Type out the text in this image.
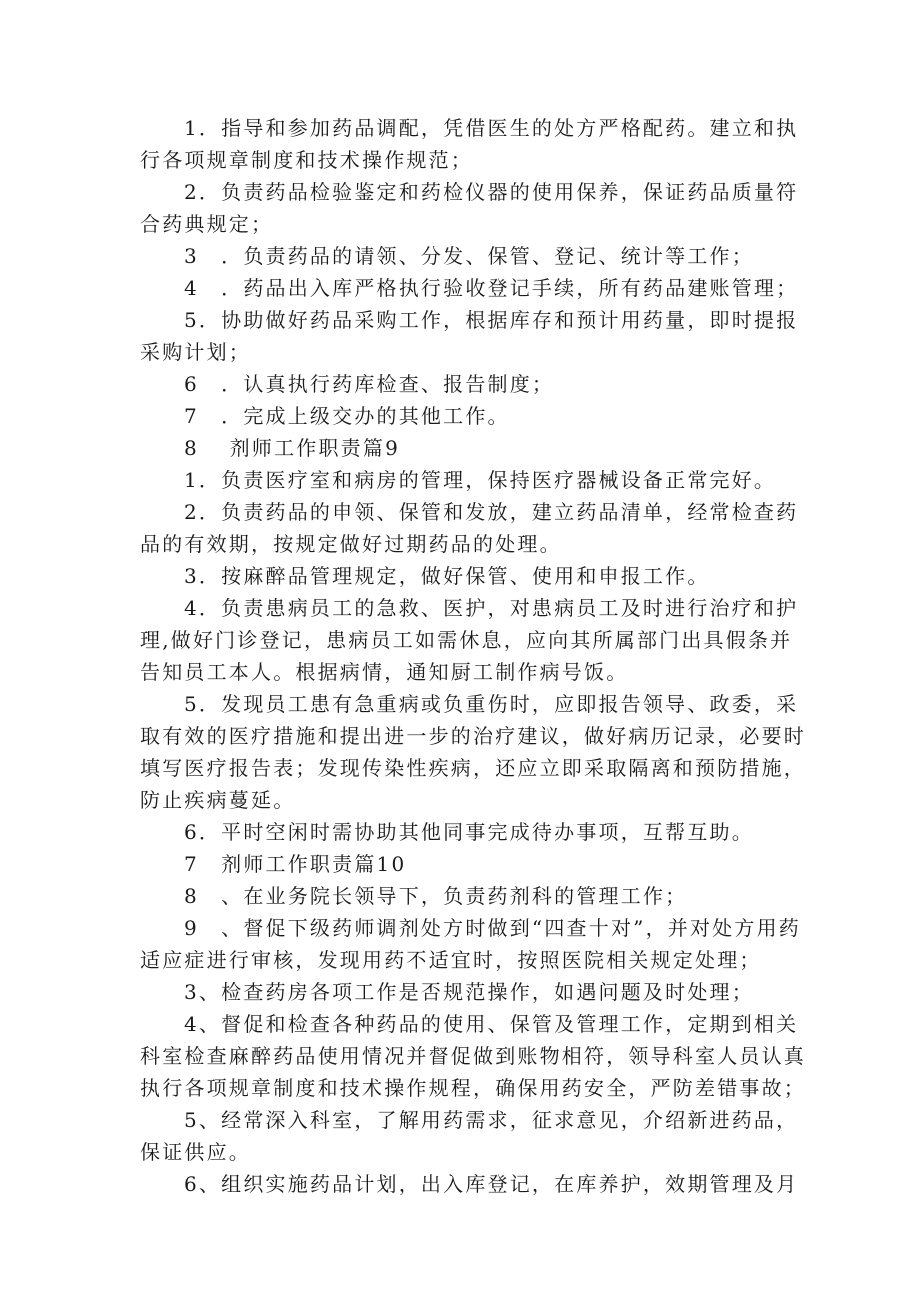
1．指导和参加药品调配，凭借医生的处方严格配药。建立和执
行各项规章制度和技术操作规范；
2．负责药品检验鉴定和药检仪器的使用保养，保证药品质量符
合药典规定；
3　．负责药品的请领、分发、保管、登记、统计等工作；
4　．药品出入库严格执行验收登记手续，所有药品建账管理；
5．协助做好药品采购工作，根据库存和预计用药量，即时提报
采购计划；
6　．认真执行药库检查、报告制度；
7　．完成上级交办的其他工作。
8　 剂师工作职责篇9
1．负责医疗室和病房的管理，保持医疗器械设备正常完好。
2．负责药品的申领、保管和发放，建立药品清单，经常检查药
品的有效期，按规定做好过期药品的处理。
3．按麻醉品管理规定，做好保管、使用和申报工作。
4．负责患病员工的急救、医护，对患病员工及时进行治疗和护
理,做好门诊登记，患病员工如需休息，应向其所属部门出具假条并
告知员工本人。根据病情，通知厨工制作病号饭。
5．发现员工患有急重病或负重伤时，应即报告领导、政委，采
取有效的医疗措施和提出进一步的治疗建议，做好病历记录，必要时
填写医疗报告表；发现传染性疾病，还应立即采取隔离和预防措施，
防止疾病蔓延。
6．平时空闲时需协助其他同事完成待办事项，互帮互助。
7　剂师工作职责篇10
8　、在业务院长领导下，负责药剂科的管理工作；
9　、督促下级药师调剂处方时做到“四查十对”，并对处方用药
适应症进行审核，发现用药不适宜时，按照医院相关规定处理；
3、检查药房各项工作是否规范操作，如遇问题及时处理；
4、督促和检查各种药品的使用、保管及管理工作，定期到相关
科室检查麻醉药品使用情况并督促做到账物相符，领导科室人员认真
执行各项规章制度和技术操作规程，确保用药安全，严防差错事故；
5、经常深入科室，了解用药需求，征求意见，介绍新进药品，
保证供应。
6、组织实施药品计划，出入库登记，在库养护，效期管理及月
